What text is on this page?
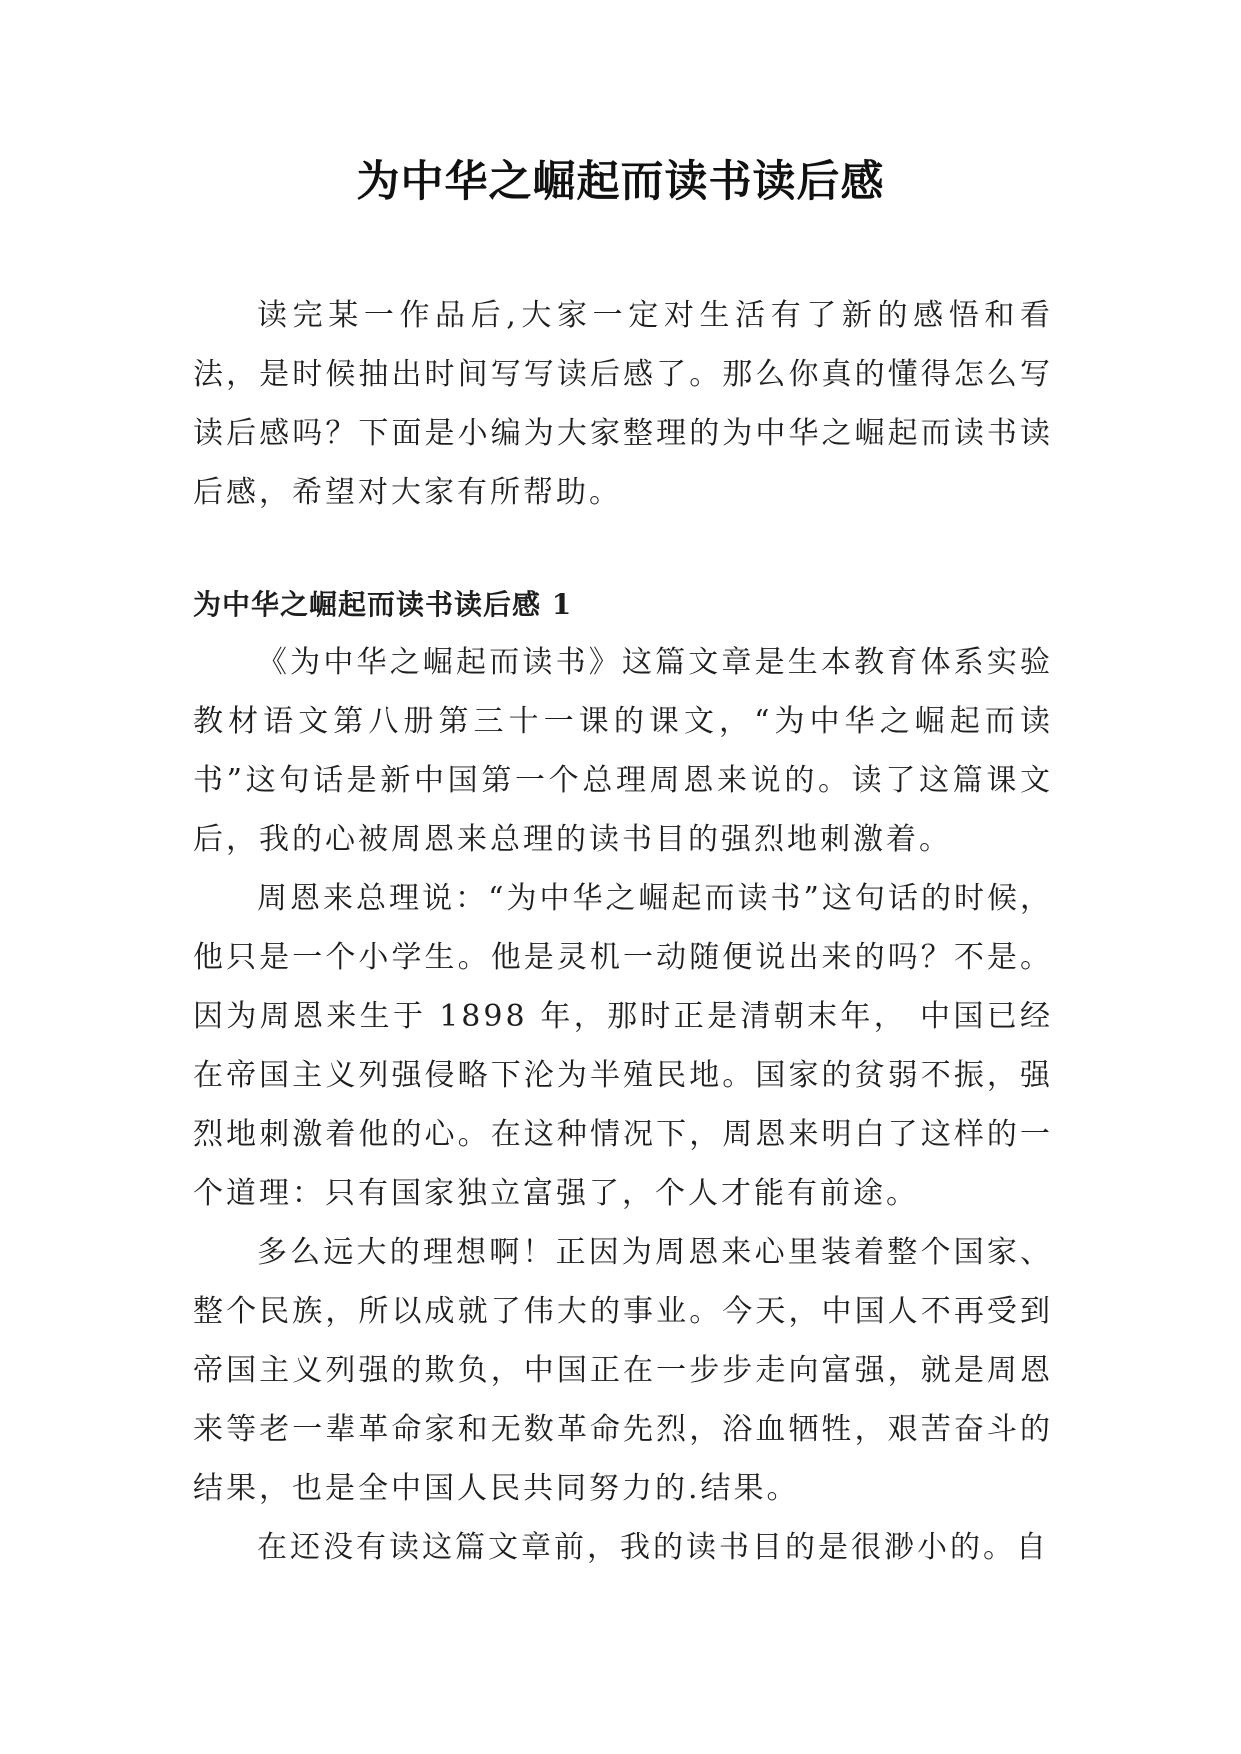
为中华之崛起而读书读后感

读完某一作品后,大家一定对生活有了新的感悟和看法，是时候抽出时间写写读后感了。那么你真的懂得怎么写读后感吗？下面是小编为大家整理的为中华之崛起而读书读后感，希望对大家有所帮助。

为中华之崛起而读书读后感 1

《为中华之崛起而读书》这篇文章是生本教育体系实验教材语文第八册第三十一课的课文，“为中华之崛起而读书”这句话是新中国第一个总理周恩来说的。读了这篇课文后，我的心被周恩来总理的读书目的强烈地刺激着。

周恩来总理说：“为中华之崛起而读书”这句话的时候，他只是一个小学生。他是灵机一动随便说出来的吗？不是。因为周恩来生于 1898 年，那时正是清朝末年， 中国已经在帝国主义列强侵略下沦为半殖民地。国家的贫弱不振，强烈地刺激着他的心。在这种情况下，周恩来明白了这样的一个道理：只有国家独立富强了，个人才能有前途。

多么远大的理想啊！正因为周恩来心里装着整个国家、整个民族，所以成就了伟大的事业。今天，中国人不再受到帝国主义列强的欺负，中国正在一步步走向富强，就是周恩来等老一辈革命家和无数革命先烈，浴血牺牲，艰苦奋斗的结果，也是全中国人民共同努力的.结果。

在还没有读这篇文章前，我的读书目的是很渺小的。自
